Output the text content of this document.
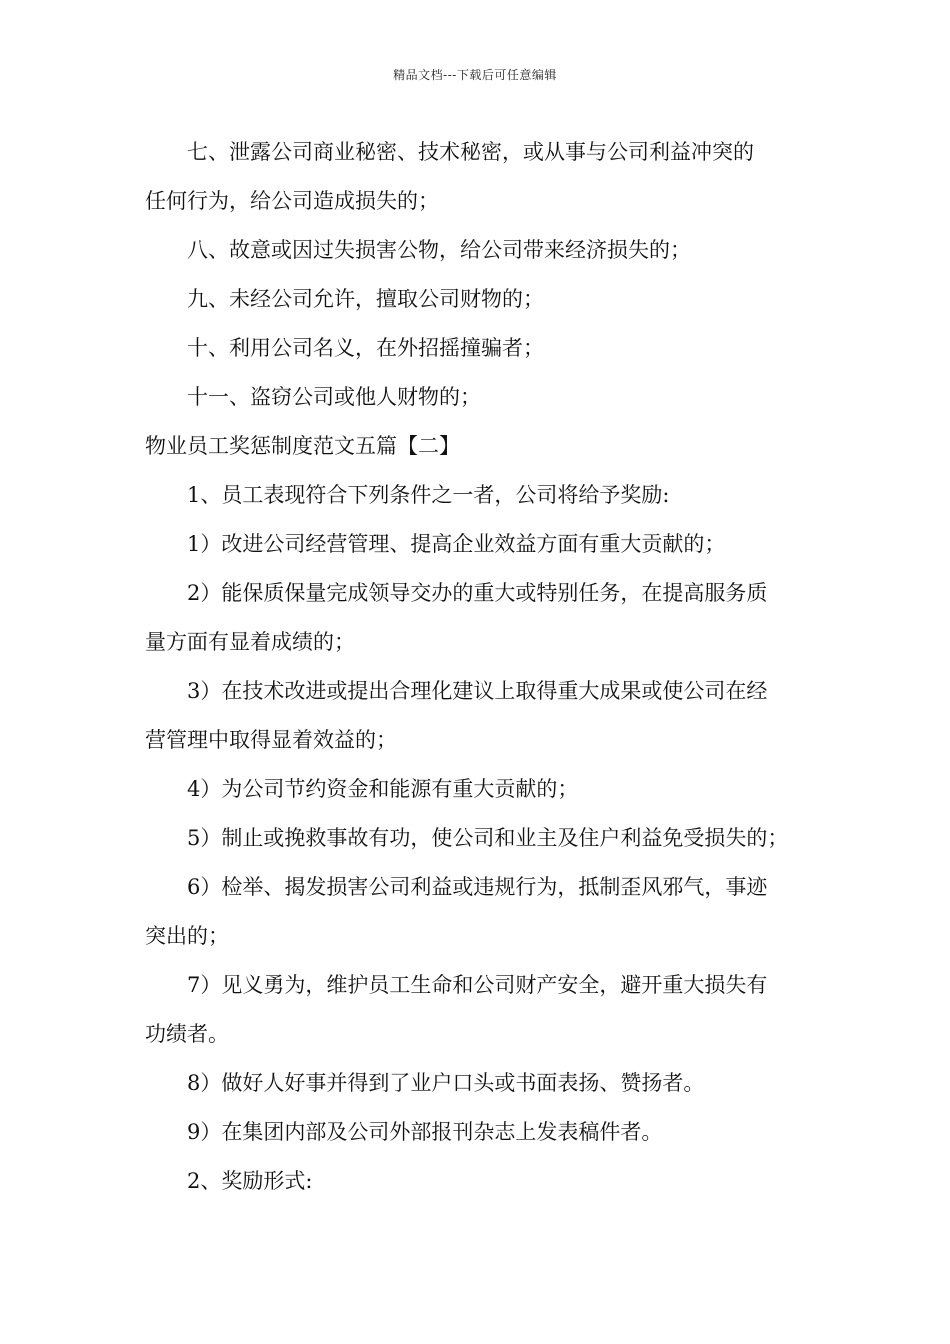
精品文档---下载后可任意编辑

七、泄露公司商业秘密、技术秘密，或从事与公司利益冲突的

任何行为，给公司造成损失的；

八、故意或因过失损害公物，给公司带来经济损失的；

九、未经公司允许，擅取公司财物的；

十、利用公司名义，在外招摇撞骗者；

十一、盗窃公司或他人财物的；

物业员工奖惩制度范文五篇【二】

1、员工表现符合下列条件之一者，公司将给予奖励:

1）改进公司经营管理、提高企业效益方面有重大贡献的；

2）能保质保量完成领导交办的重大或特别任务，在提高服务质

量方面有显着成绩的；

3）在技术改进或提出合理化建议上取得重大成果或使公司在经

营管理中取得显着效益的；

4）为公司节约资金和能源有重大贡献的；

5）制止或挽救事故有功，使公司和业主及住户利益免受损失的；

6）检举、揭发损害公司利益或违规行为，抵制歪风邪气，事迹

突出的；

7）见义勇为，维护员工生命和公司财产安全，避开重大损失有

功绩者。

8）做好人好事并得到了业户口头或书面表扬、赞扬者。

9）在集团内部及公司外部报刊杂志上发表稿件者。

2、奖励形式:
